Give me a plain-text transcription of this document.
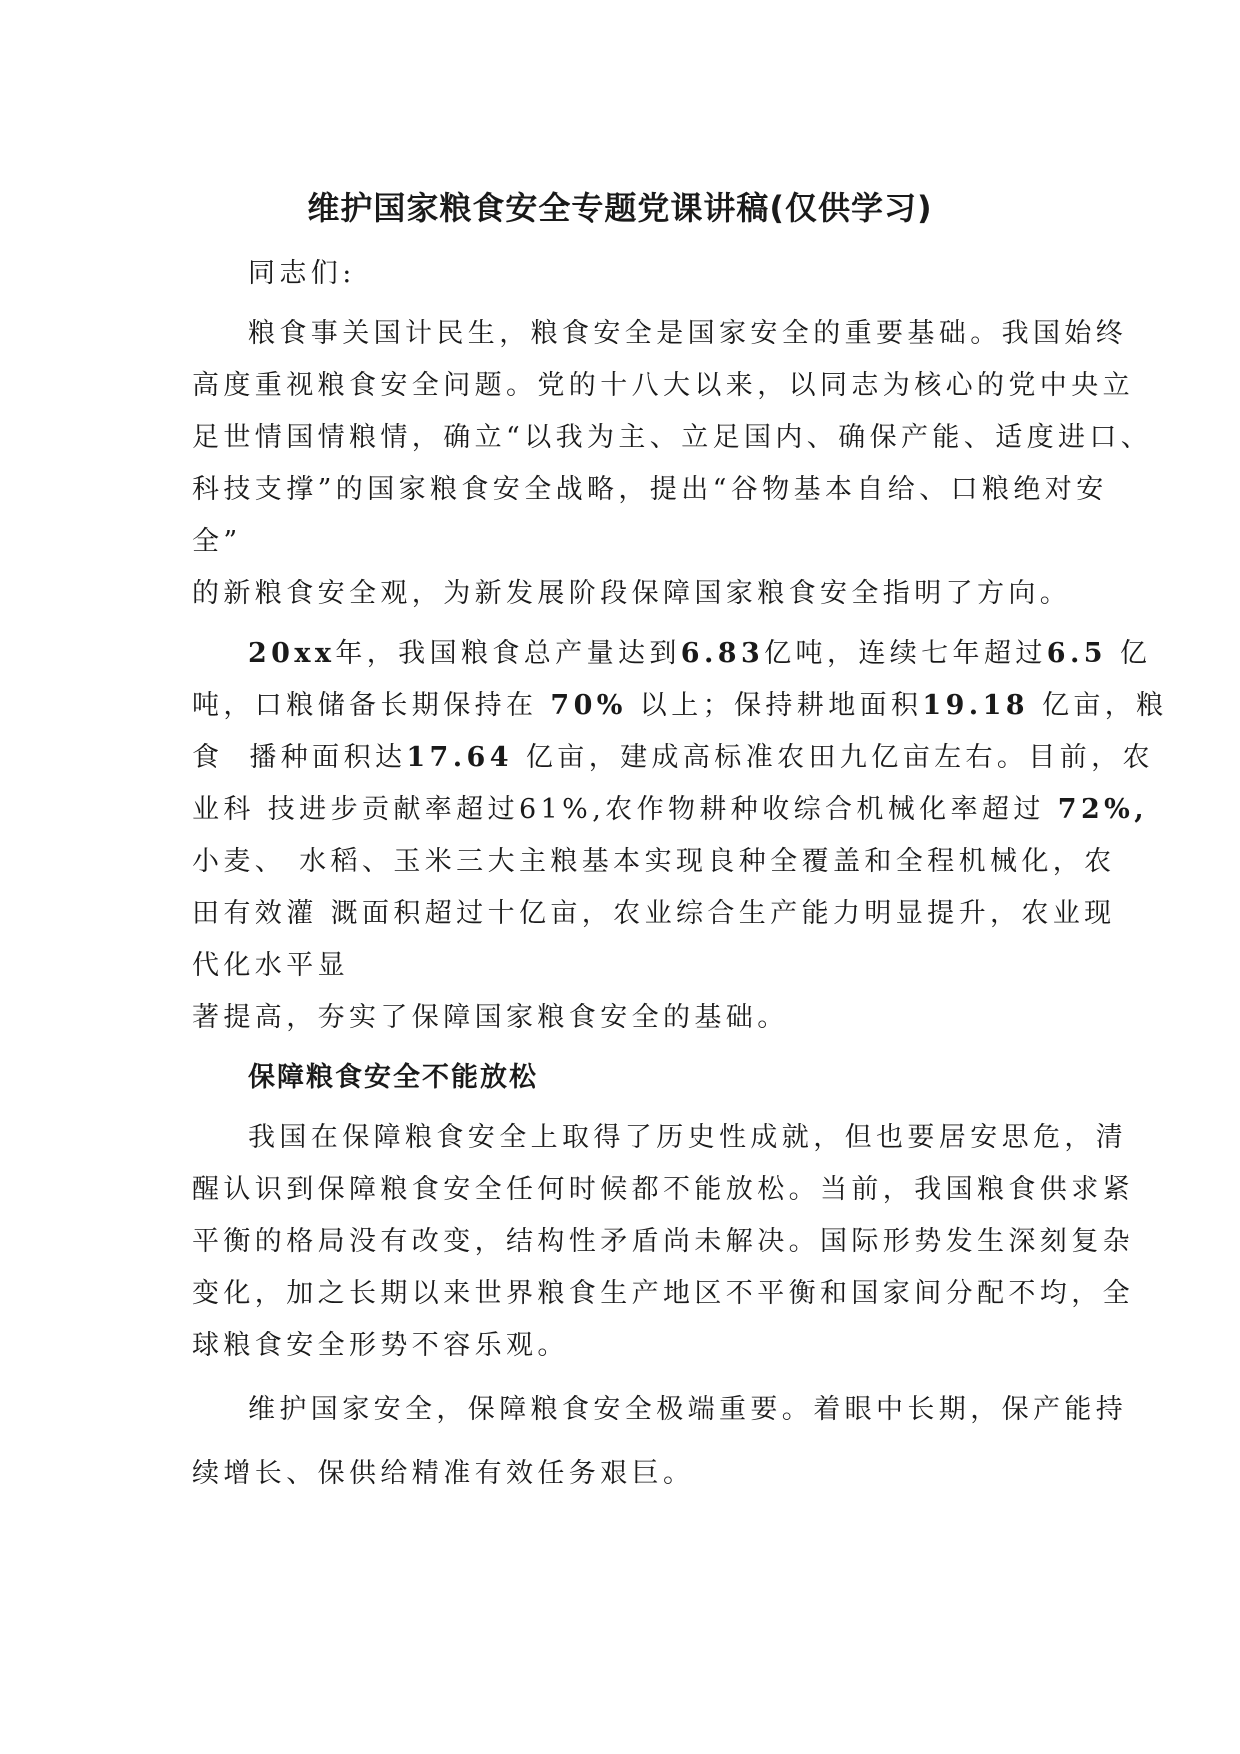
维护国家粮食安全专题党课讲稿(仅供学习)
同志们:
粮食事关国计民生，粮食安全是国家安全的重要基础。我国始终
高度重视粮食安全问题。党的十八大以来，以同志为核心的党中央立
足世情国情粮情，确立“以我为主、立足国内、确保产能、适度进口、
科技支撑”的国家粮食安全战略，提出“谷物基本自给、口粮绝对安
全”
的新粮食安全观，为新发展阶段保障国家粮食安全指明了方向。
20xx年，我国粮食总产量达到6.83亿吨，连续七年超过6.5 亿
吨，口粮储备长期保持在 70% 以上；保持耕地面积19.18 亿亩，粮
食  播种面积达17.64 亿亩，建成高标准农田九亿亩左右。目前，农
业科 技进步贡献率超过61%,农作物耕种收综合机械化率超过 72%,
小麦、 水稻、玉米三大主粮基本实现良种全覆盖和全程机械化，农
田有效灌 溉面积超过十亿亩，农业综合生产能力明显提升，农业现
代化水平显
著提高，夯实了保障国家粮食安全的基础。
保障粮食安全不能放松
我国在保障粮食安全上取得了历史性成就，但也要居安思危，清
醒认识到保障粮食安全任何时候都不能放松。当前，我国粮食供求紧
平衡的格局没有改变，结构性矛盾尚未解决。国际形势发生深刻复杂
变化，加之长期以来世界粮食生产地区不平衡和国家间分配不均，全
球粮食安全形势不容乐观。
维护国家安全，保障粮食安全极端重要。着眼中长期，保产能持
续增长、保供给精准有效任务艰巨。
